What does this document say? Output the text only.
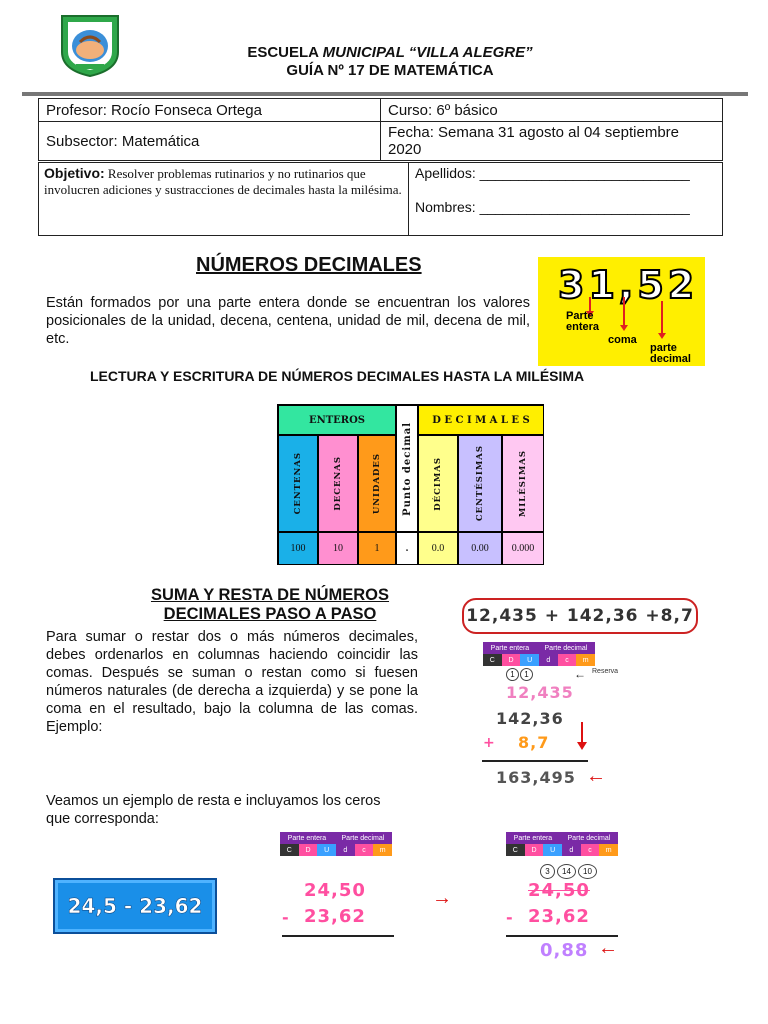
ESCUELA MUNICIPAL “VILLA ALEGRE”
GUÍA Nº 17 DE MATEMÁTICA
Profesor: Rocío Fonseca Ortega	Curso: 6º básico
Subsector: Matemática	Fecha: Semana 31 agosto al 04 septiembre 2020
Objetivo: Resolver problemas rutinarios y no rutinarios que involucren adiciones y sustracciones de decimales hasta la milésima.
Apellidos: ___________________________
Nombres: ___________________________
NÚMEROS DECIMALES
Están formados por una parte entera donde se encuentran los valores posicionales de la unidad, decena, centena, unidad de mil, decena de mil, etc.
31,52
Parte
entera
coma
parte
decimal
LECTURA Y ESCRITURA DE NÚMEROS DECIMALES HASTA LA MILÉSIMA
ENTEROS
Punto decimal
D E C I M A L E S
CENTENAS	DECENAS	UNIDADES	DÉCIMAS	CENTÉSIMAS	MILÉSIMAS
100	10	1	.	0.0	0.00	0.000
SUMA Y RESTA DE NÚMEROS DECIMALES PASO A PASO
Para sumar o restar dos o más números decimales, debes ordenarlos en columnas haciendo coincidir las comas. Después se suman o restan como si fuesen números naturales (de derecha a izquierda) y se pone la coma en el resultado, bajo la columna de las comas. Ejemplo:
12,435 + 142,36 +8,7
Parte entera Parte decimal
C	D	U	d	c	m
1	1	← Reserva
12,435
142,36
+ 8,7
163,495 ←
Veamos un ejemplo de resta e incluyamos los ceros que corresponda:
24,5 - 23,62
Parte entera Parte decimal
C	D	U	d	c	m
24,50
- 23,62
→
Parte entera Parte decimal
C	D	U	d	c	m
3	14	10
24,50
- 23,62
0,88 ←
